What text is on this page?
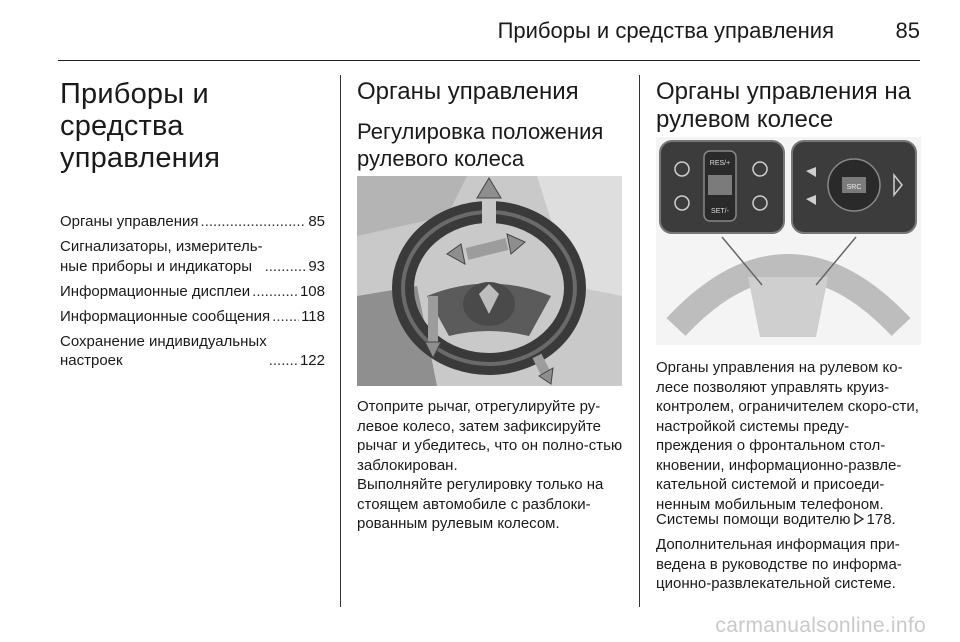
Приборы и средства управления	85
Приборы и средства
управления
Органы управления .....	85
Сигнализаторы, измеритель-
ные приборы и индикаторы .....	93
Информационные дисплеи .....	108
Информационные сообщения ..... 118
Сохранение индивидуальных
настроек .....	122
Органы управления
Регулировка положения
рулевого колеса

Отоприте рычаг, отрегулируйте ру-левое колесо, затем зафиксируйте рычаг и убедитесь, что он полно-стью заблокирован.

Выполняйте регулировку только на стоящем автомобиле с разблоки-рованным рулевым колесом.

Органы управления на
рулевом колесе
RES/+
SET/-
SRC

Органы управления на рулевом ко-лесе позволяют управлять круиз-контролем, ограничителем скоро-сти, настройкой системы преду-преждения о фронтальном стол-кновении, информационно-развле-кательной системой и присоеди-ненным мобильным телефоном.

Системы помощи водителю 178.

Дополнительная информация при-ведена в руководстве по информа-ционно-развлекательной системе.

carmanualsonline.info
